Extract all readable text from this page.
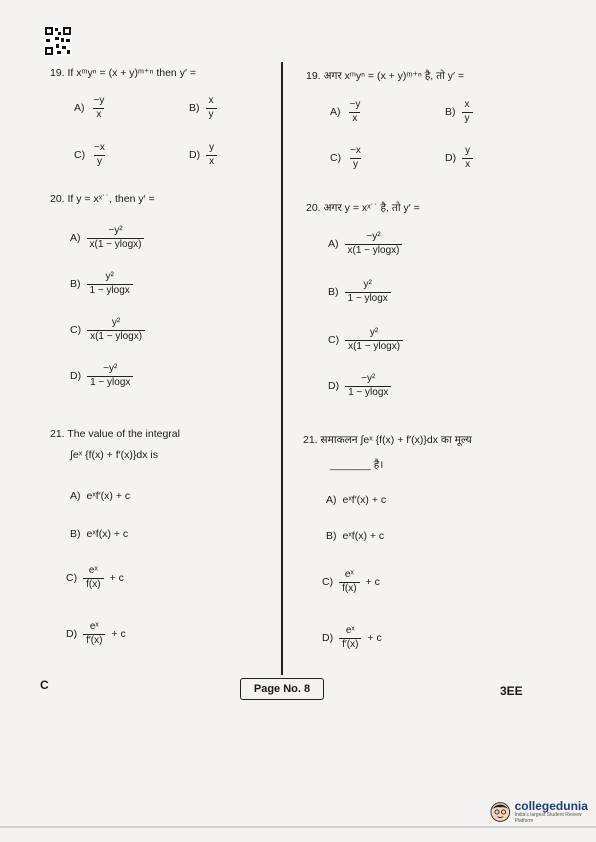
19. If xᵐyⁿ = (x + y)ᵐ⁺ⁿ then y′ =
$A) \frac{-y}{x}$	$B) \frac{x}{y}$
$C) \frac{-x}{y}$	$D) \frac{y}{x}$
20. If y = xˣ˙˙, then y′ =
$A) \frac{\text{−y²}}{x(1 - ylogx)}$
$B) \frac{\text{y²}}{1 - ylogx}$
$C) \frac{\text{y²}}{x(1 - ylogx)}$
$D) \frac{\text{−y²}}{1 - ylogx}$
21. The value of the integral
∫eˣ {f(x) + f′(x)}dx is
A) eˣf′(x) + c
B) eˣf(x) + c
$C) \frac{\text{eˣ}}{f(x)} + c$
$D) \frac{\text{eˣ}}{f'(x)} + c$
19. अगर xᵐyⁿ = (x + y)ᵐ⁺ⁿ है, तो y′ =
$A) \frac{-y}{x}$	$B) \frac{x}{y}$
$C) \frac{-x}{y}$	$D) \frac{y}{x}$
20. अगर y = xˣ˙˙ है, तो y′ =
$A) \frac{\text{−y²}}{x(1 - ylogx)}$
$B) \frac{\text{y²}}{1 - ylogx}$
$C) \frac{\text{y²}}{x(1 - ylogx)}$
$D) \frac{\text{−y²}}{1 - ylogx}$
21. समाकलन ∫eˣ {f(x) + f′(x)}dx का मूल्य
_______ है।
A) eˣf′(x) + c
B) eˣf(x) + c
$C) \frac{\text{eˣ}}{f(x)} + c$
$D) \frac{\text{eˣ}}{f'(x)} + c$
C	Page No. 8	3EE
collegedunia
India's largest Student Review Platform
